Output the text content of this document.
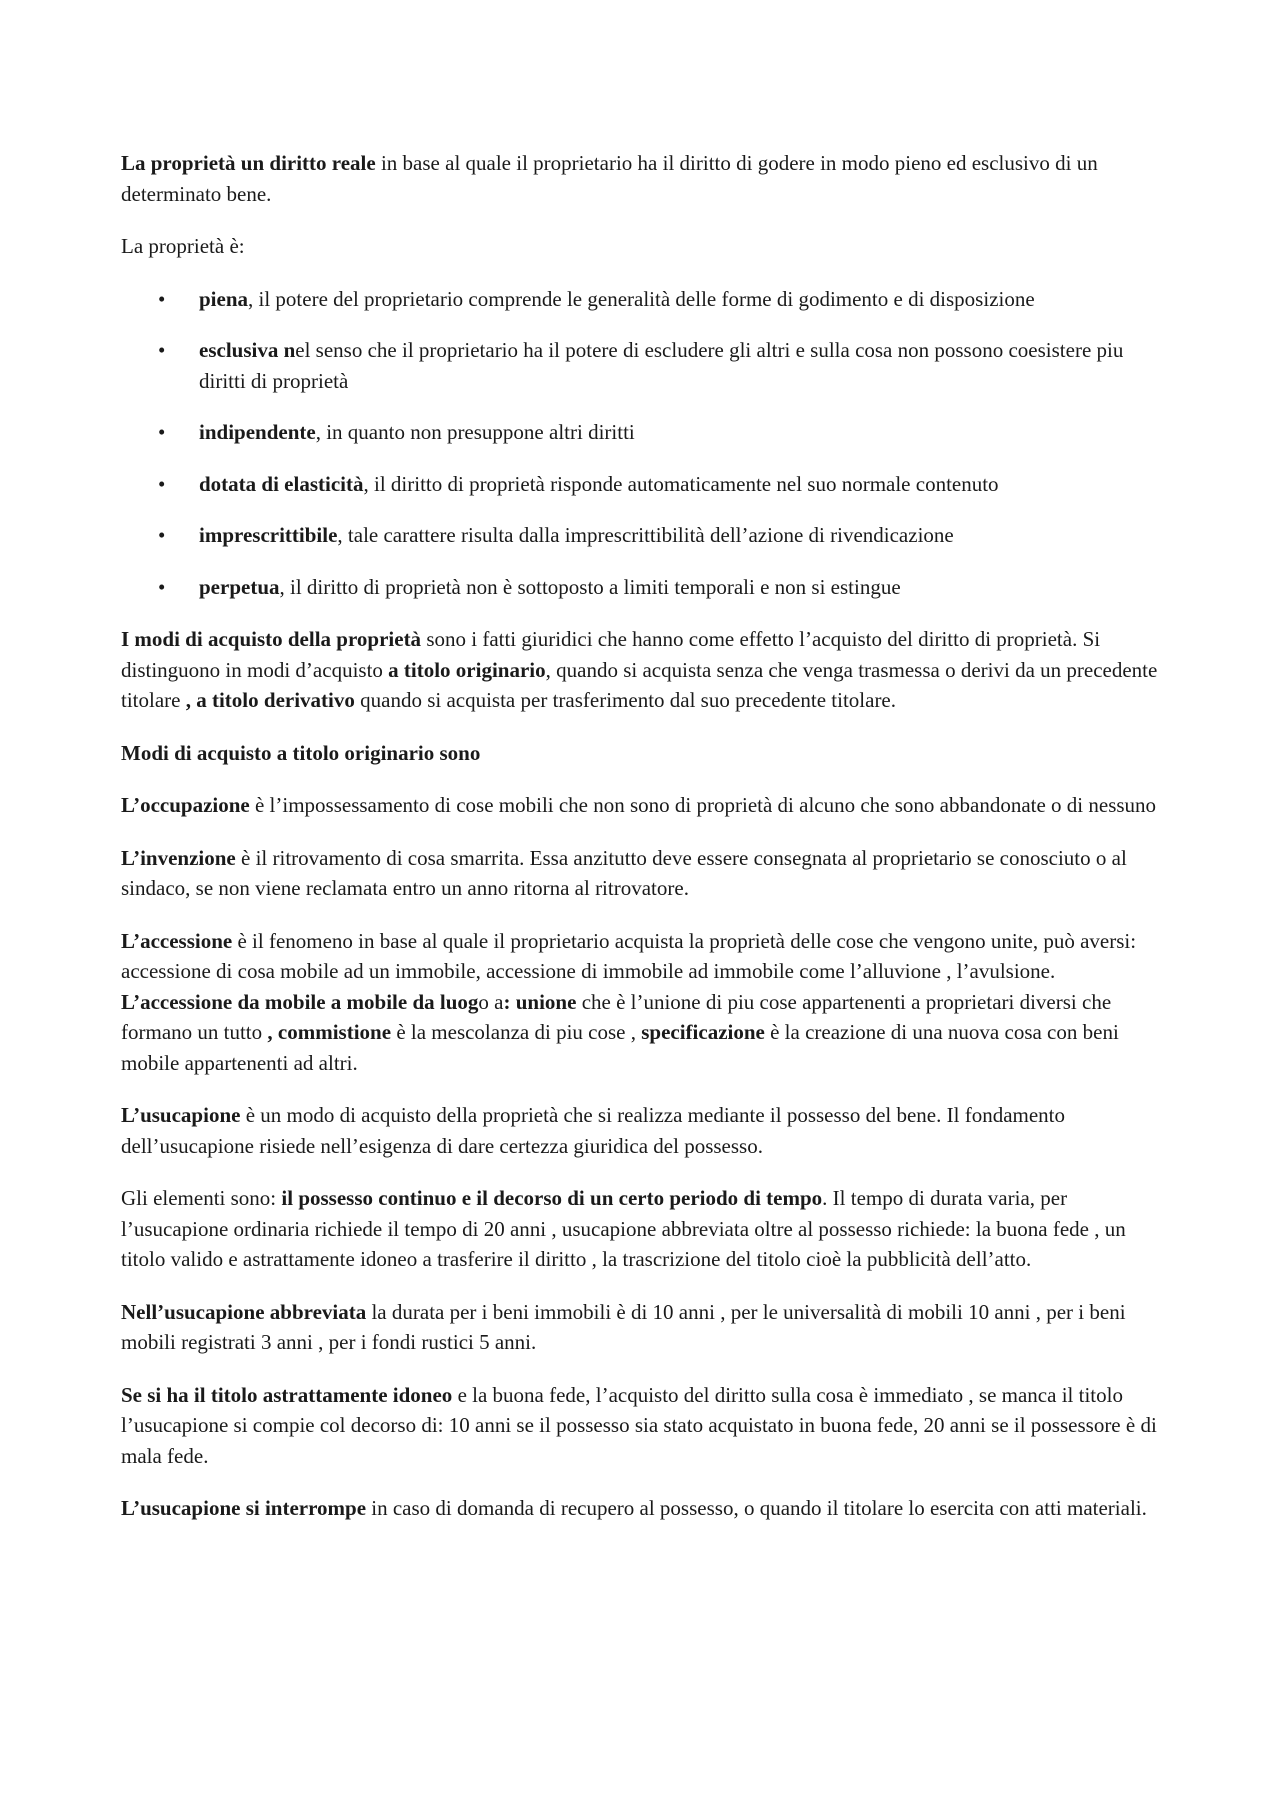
La proprietà un diritto reale in base al quale il proprietario ha il diritto di godere in modo pieno ed esclusivo di un determinato bene.

La proprietà è:

• piena, il potere del proprietario comprende le generalità delle forme di godimento e di disposizione
• esclusiva nel senso che il proprietario ha il potere di escludere gli altri e sulla cosa non possono coesistere piu diritti di proprietà
• indipendente, in quanto non presuppone altri diritti
• dotata di elasticità, il diritto di proprietà risponde automaticamente nel suo normale contenuto
• imprescrittibile, tale carattere risulta dalla imprescrittibilità dell’azione di rivendicazione
• perpetua, il diritto di proprietà non è sottoposto a limiti temporali e non si estingue

I modi di acquisto della proprietà sono i fatti giuridici che hanno come effetto l’acquisto del diritto di proprietà. Si distinguono in modi d’acquisto a titolo originario, quando si acquista senza che venga trasmessa o derivi da un precedente titolare , a titolo derivativo quando si acquista per trasferimento dal suo precedente titolare.

Modi di acquisto a titolo originario sono

L’occupazione è l’impossessamento di cose mobili che non sono di proprietà di alcuno che sono abbandonate o di nessuno

L’invenzione è il ritrovamento di cosa smarrita. Essa anzitutto deve essere consegnata al proprietario se conosciuto o al sindaco, se non viene reclamata entro un anno ritorna al ritrovatore.

L’accessione è il fenomeno in base al quale il proprietario acquista la proprietà delle cose che vengono unite, può aversi: accessione di cosa mobile ad un immobile, accessione di immobile ad immobile come l’alluvione , l’avulsione. L’accessione da mobile a mobile da luogo a: unione che è l’unione di piu cose appartenenti a proprietari diversi che formano un tutto , commistione è la mescolanza di piu cose , specificazione è la creazione di una nuova cosa con beni mobile appartenenti ad altri.

L’usucapione è un modo di acquisto della proprietà che si realizza mediante il possesso del bene. Il fondamento dell’usucapione risiede nell’esigenza di dare certezza giuridica del possesso.

Gli elementi sono: il possesso continuo e il decorso di un certo periodo di tempo. Il tempo di durata varia, per l’usucapione ordinaria richiede il tempo di 20 anni , usucapione abbreviata oltre al possesso richiede: la buona fede , un titolo valido e astrattamente idoneo a trasferire il diritto , la trascrizione del titolo cioè la pubblicità dell’atto.

Nell’usucapione abbreviata la durata per i beni immobili è di 10 anni , per le universalità di mobili 10 anni , per i beni mobili registrati 3 anni , per i fondi rustici 5 anni.

Se si ha il titolo astrattamente idoneo e la buona fede, l’acquisto del diritto sulla cosa è immediato , se manca il titolo l’usucapione si compie col decorso di: 10 anni se il possesso sia stato acquistato in buona fede, 20 anni se il possessore è di mala fede.

L’usucapione si interrompe in caso di domanda di recupero al possesso, o quando il titolare lo esercita con atti materiali.
